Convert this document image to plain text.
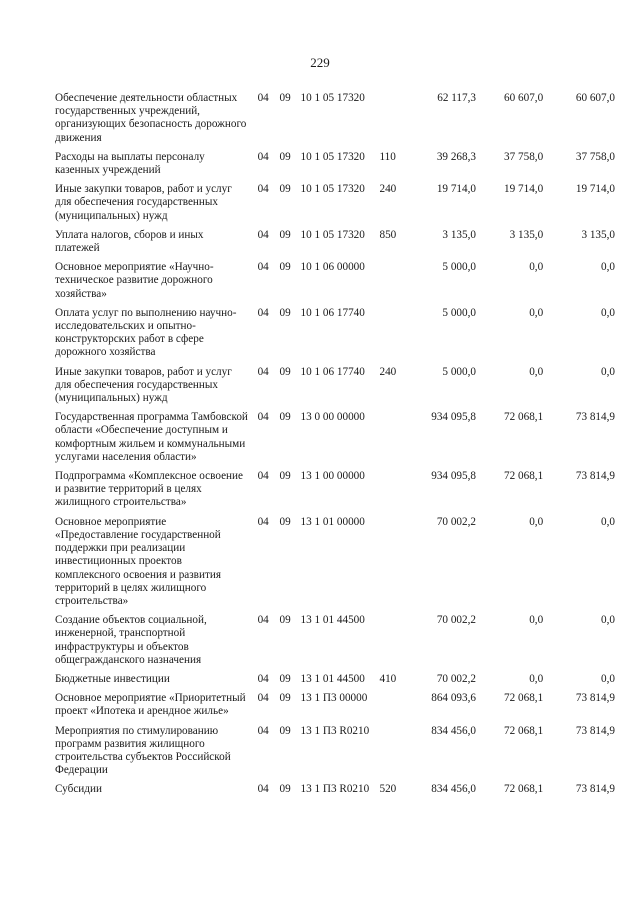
229
Обеспечение деятельности областных государственных учреждений, организующих безопасность дорожного движения	04	09	10 1 05 17320		62 117,3	60 607,0	60 607,0
Расходы на выплаты персоналу казенных учреждений	04	09	10 1 05 17320	110	39 268,3	37 758,0	37 758,0
Иные закупки товаров, работ и услуг для обеспечения государственных (муниципальных) нужд	04	09	10 1 05 17320	240	19 714,0	19 714,0	19 714,0
Уплата налогов, сборов и иных платежей	04	09	10 1 05 17320	850	3 135,0	3 135,0	3 135,0
Основное мероприятие «Научно-техническое развитие дорожного хозяйства»	04	09	10 1 06 00000		5 000,0	0,0	0,0
Оплата услуг по выполнению научно-исследовательских и опытно-конструкторских работ в сфере дорожного хозяйства	04	09	10 1 06 17740		5 000,0	0,0	0,0
Иные закупки товаров, работ и услуг для обеспечения государственных (муниципальных) нужд	04	09	10 1 06 17740	240	5 000,0	0,0	0,0
Государственная программа Тамбовской области «Обеспечение доступным и комфортным жильем и коммунальными услугами населения области»	04	09	13 0 00 00000		934 095,8	72 068,1	73 814,9
Подпрограмма «Комплексное освоение и развитие территорий в целях жилищного строительства»	04	09	13 1 00 00000		934 095,8	72 068,1	73 814,9
Основное мероприятие «Предоставление государственной поддержки при реализации инвестиционных проектов комплексного освоения и развития территорий в целях жилищного строительства»	04	09	13 1 01 00000		70 002,2	0,0	0,0
Создание объектов социальной, инженерной, транспортной инфраструктуры и объектов общегражданского назначения	04	09	13 1 01 44500		70 002,2	0,0	0,0
Бюджетные инвестиции	04	09	13 1 01 44500	410	70 002,2	0,0	0,0
Основное мероприятие «Приоритетный проект «Ипотека и арендное жилье»	04	09	13 1 П3 00000		864 093,6	72 068,1	73 814,9
Мероприятия по стимулированию программ развития жилищного строительства субъектов Российской Федерации	04	09	13 1 П3 R0210		834 456,0	72 068,1	73 814,9
Субсидии	04	09	13 1 П3 R0210	520	834 456,0	72 068,1	73 814,9
